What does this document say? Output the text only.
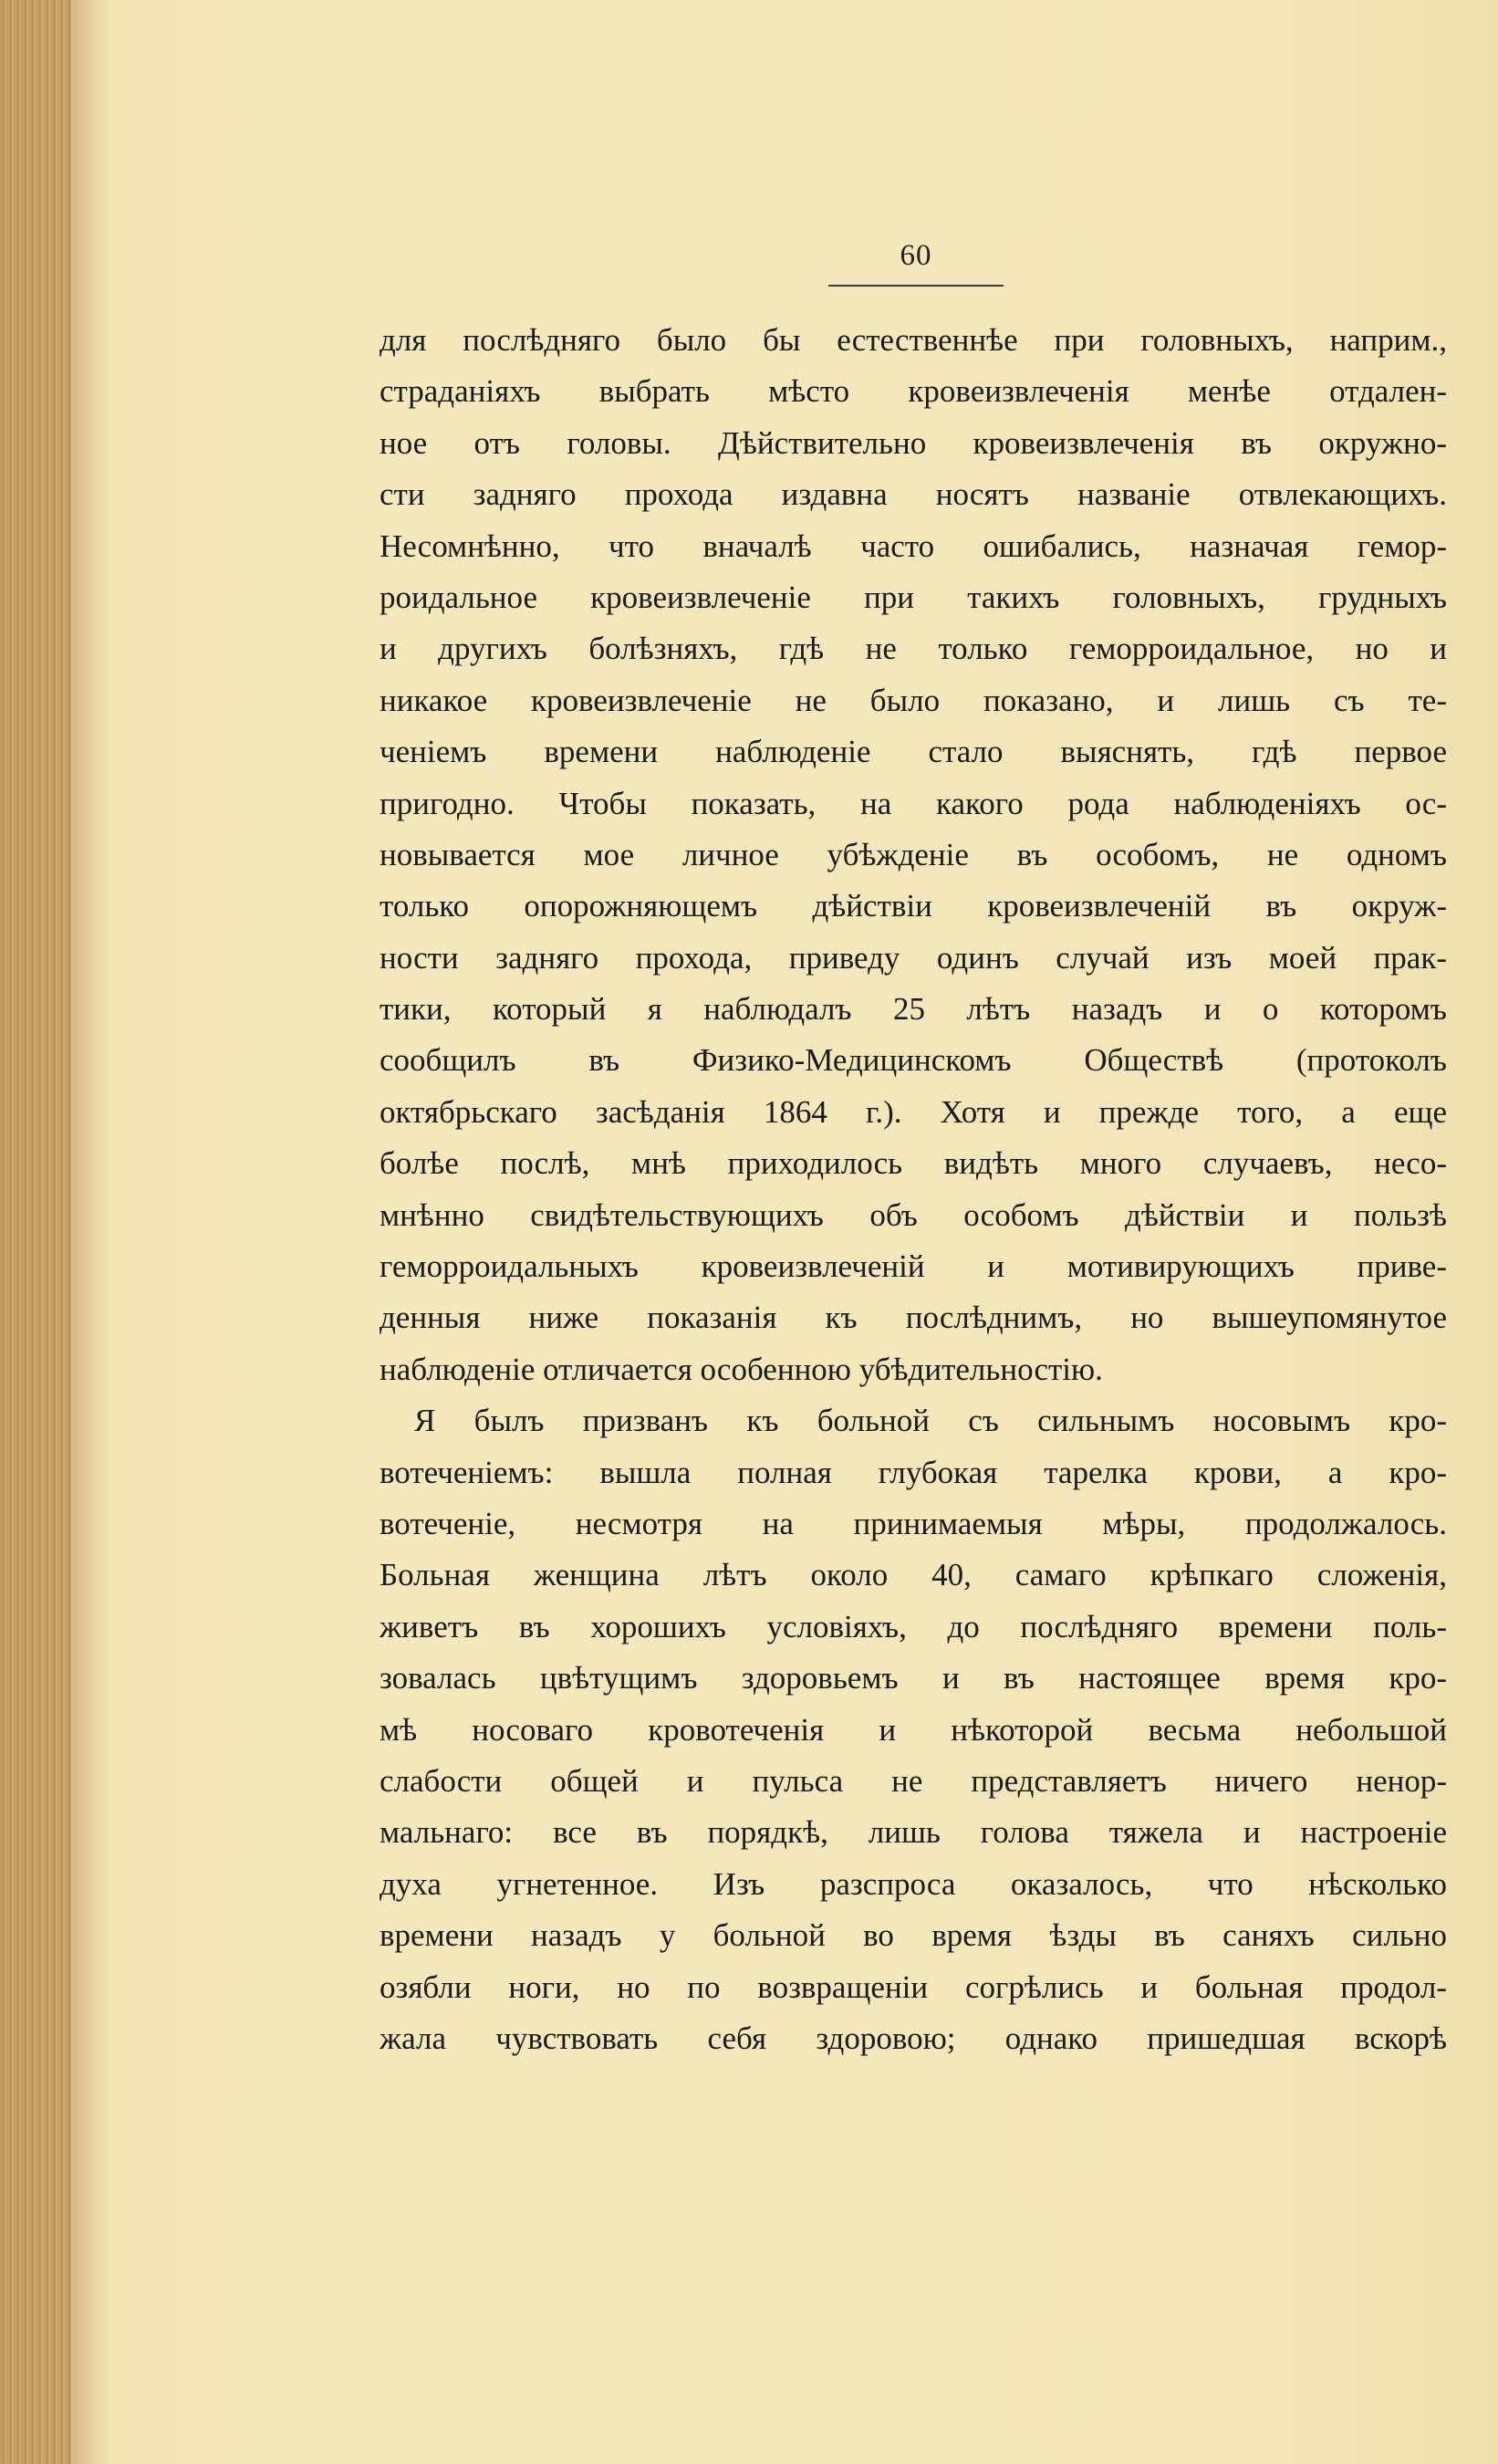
60
для послѣдняго было бы естественнѣе при головныхъ, наприм.,
страданiяхъ выбрать мѣсто кровеизвлеченiя менѣе отдален-
ное отъ головы. Дѣйствительно кровеизвлеченiя въ окружно-
сти задняго прохода издавна носятъ названiе отвлекающихъ.
Несомнѣнно, что вначалѣ часто ошибались, назначая гемор-
роидальное кровеизвлеченiе при такихъ головныхъ, грудныхъ
и другихъ болѣзняхъ, гдѣ не только геморроидальное, но и
никакое кровеизвлеченiе не было показано, и лишь съ те-
ченiемъ времени наблюденiе стало выяснять, гдѣ первое
пригодно. Чтобы показать, на какого рода наблюденiяхъ ос-
новывается мое личное убѣжденiе въ особомъ, не одномъ
только опорожняющемъ дѣйствiи кровеизвлеченiй въ окруж-
ности задняго прохода, приведу одинъ случай изъ моей прак-
тики, который я наблюдалъ 25 лѣтъ назадъ и о которомъ
сообщилъ въ Физико-Медицинскомъ Обществѣ (протоколъ
октябрьскаго засѣданiя 1864 г.). Хотя и прежде того, а еще
болѣе послѣ, мнѣ приходилось видѣть много случаевъ, несо-
мнѣнно свидѣтельствующихъ объ особомъ дѣйствiи и пользѣ
геморроидальныхъ кровеизвлеченiй и мотивирующихъ приве-
денныя ниже показанiя къ послѣднимъ, но вышеупомянутое
наблюденiе отличается особенною убѣдительностiю.
Я былъ призванъ къ больной съ сильнымъ носовымъ кро-
вотеченiемъ: вышла полная глубокая тарелка крови, а кро-
вотеченiе, несмотря на принимаемыя мѣры, продолжалось.
Больная женщина лѣтъ около 40, самаго крѣпкаго сложенiя,
живетъ въ хорошихъ условiяхъ, до послѣдняго времени поль-
зовалась цвѣтущимъ здоровьемъ и въ настоящее время кро-
мѣ носоваго кровотеченiя и нѣкоторой весьма небольшой
слабости общей и пульса не представляетъ ничего ненор-
мальнаго: все въ порядкѣ, лишь голова тяжела и настроенiе
духа угнетенное. Изъ разспроса оказалось, что нѣсколько
времени назадъ у больной во время ѣзды въ саняхъ сильно
озябли ноги, но по возвращенiи согрѣлись и больная продол-
жала чувствовать себя здоровою; однако пришедшая вскорѣ
